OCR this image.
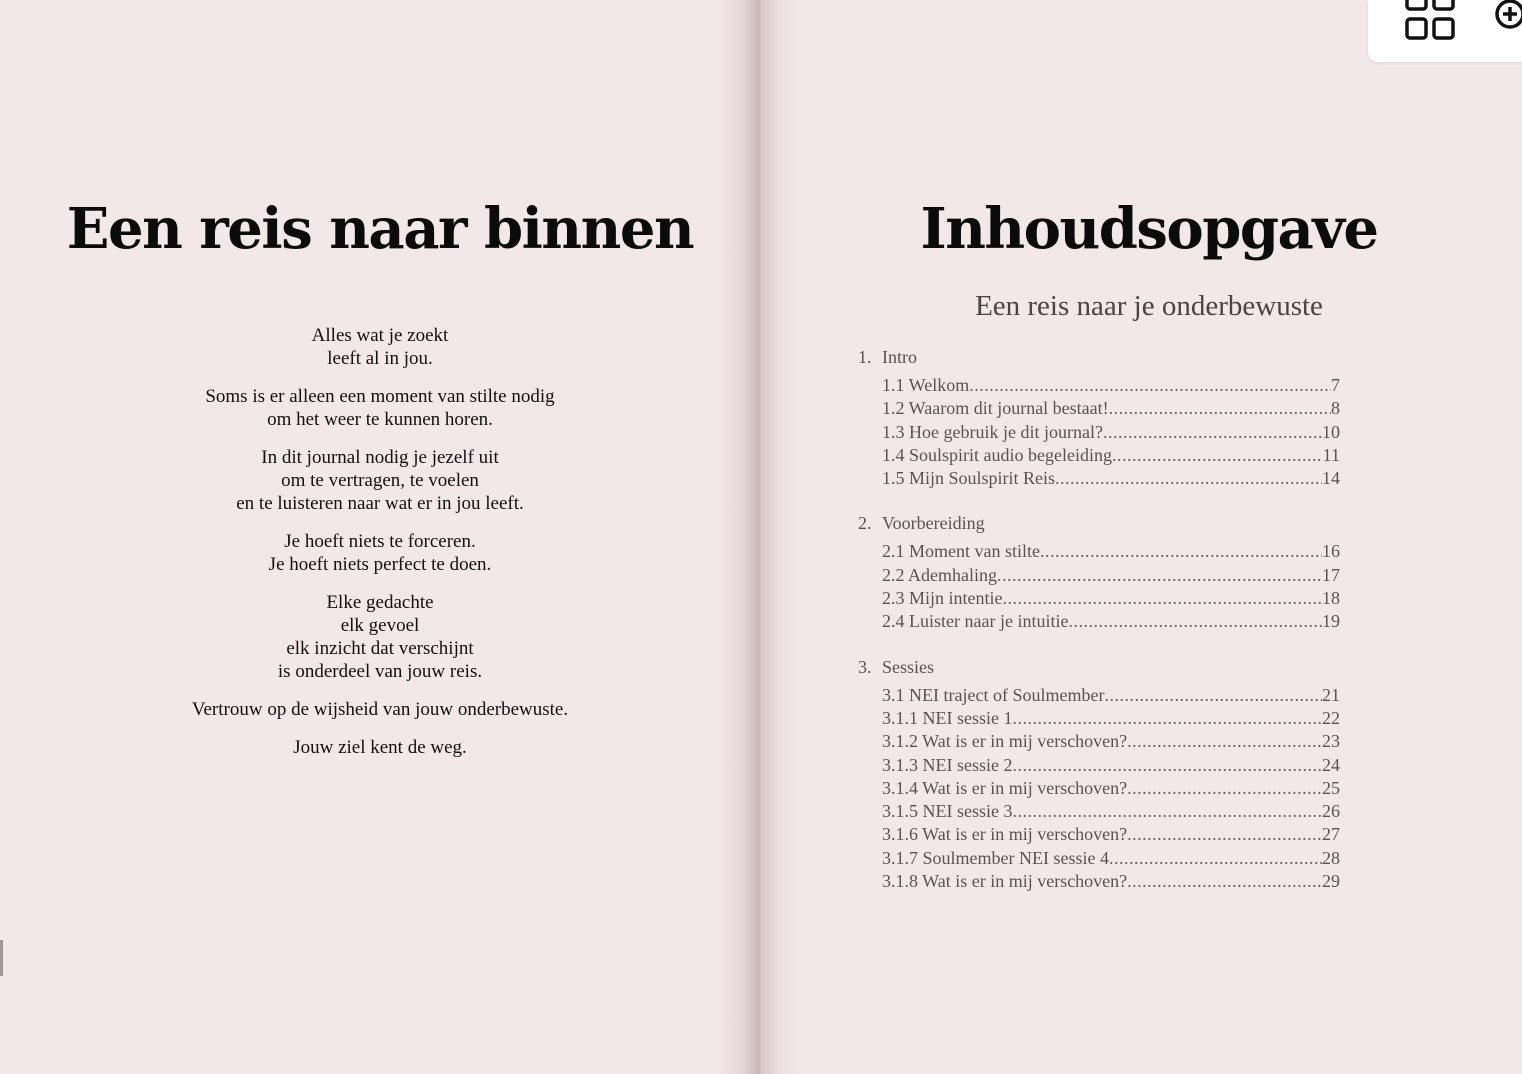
Een reis naar binnen
Alles wat je zoekt
leeft al in jou.
Soms is er alleen een moment van stilte nodig
om het weer te kunnen horen.
In dit journal nodig je jezelf uit
om te vertragen, te voelen
en te luisteren naar wat er in jou leeft.
Je hoeft niets te forceren.
Je hoeft niets perfect te doen.
Elke gedachte
elk gevoel
elk inzicht dat verschijnt
is onderdeel van jouw reis.
Vertrouw op de wijsheid van jouw onderbewuste.
Jouw ziel kent de weg.
Inhoudsopgave
Een reis naar je onderbewuste
1. Intro
1.1 Welkom .....	7
1.2 Waarom dit journal bestaat! .....	8
1.3 Hoe gebruik je dit journal? .....	10
1.4 Soulspirit audio begeleiding .....	11
1.5 Mijn Soulspirit Reis .....	14
2. Voorbereiding
2.1 Moment van stilte .....	16
2.2 Ademhaling .....	17
2.3 Mijn intentie .....	18
2.4 Luister naar je intuitie .....	19
3. Sessies
3.1 NEI traject of Soulmember .....	21
3.1.1 NEI sessie 1 .....	22
3.1.2 Wat is er in mij verschoven? .....	23
3.1.3 NEI sessie 2 .....	24
3.1.4 Wat is er in mij verschoven? .....	25
3.1.5 NEI sessie 3 .....	26
3.1.6 Wat is er in mij verschoven? .....	27
3.1.7 Soulmember NEI sessie 4 .....	28
3.1.8 Wat is er in mij verschoven? .....	29
